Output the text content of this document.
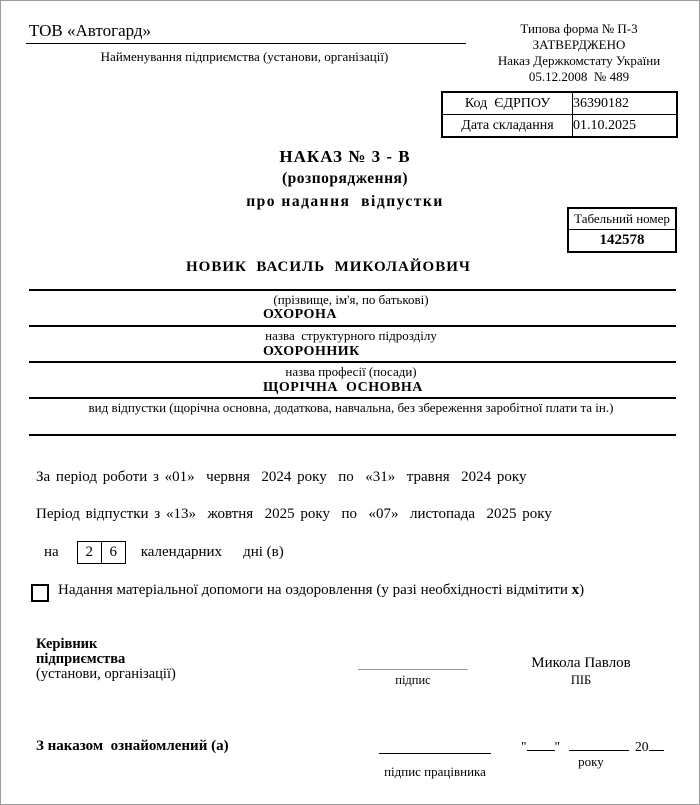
ТОВ «Автогард»
Найменування підприємства (установи, організації)
Типова форма № П-3
ЗАТВЕРДЖЕНО
Наказ Держкомстату України
05.12.2008  № 489
Код  ЄДРПОУ	36390182
Дата складання	01.10.2025
НАКАЗ № 3 - В
(розпорядження)
про надання  відпустки
Табельний номер
142578
НОВИК  ВАСИЛЬ  МИКОЛАЙОВИЧ
(прізвище, ім'я, по батькові)
ОХОРОНА
назва  структурного підрозділу
ОХОРОННИК
назва професії (посади)
ЩОРІЧНА  ОСНОВНА
вид відпустки (щорічна основна, додаткова, навчальна, без збереження заробітної плати та ін.)
За період роботи з «01»  червня  2024 року  по  «31»  травня  2024 року
Період відпустки з «13»  жовтня  2025 року  по  «07»  листопада  2025 року
на	2	6	календарних дні (в)
Надання матеріальної допомоги на оздоровлення (у разі необхідності відмітити х)
Керівник
підприємства
(установи, організації)	підпис
Микола Павлов
ПІБ
З наказом  ознайомлений (а)
підпис працівника
" "	20
року
